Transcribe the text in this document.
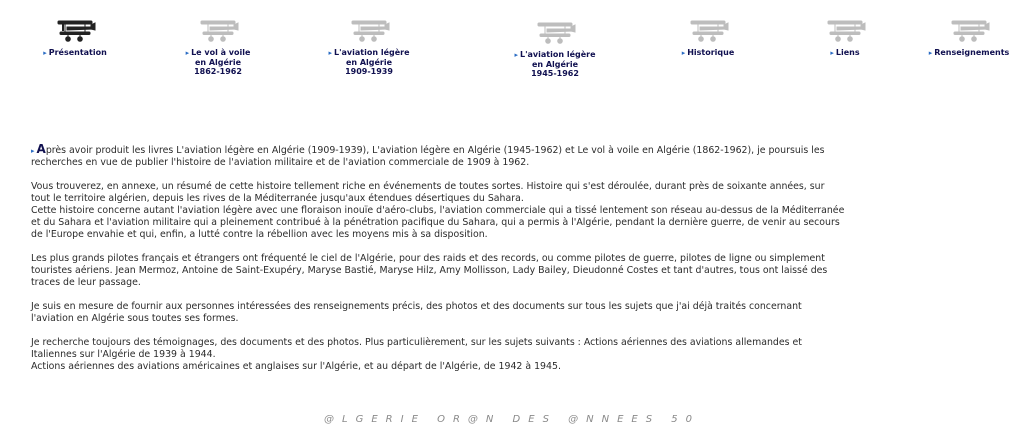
▸ Présentation	▸ Le vol à voile
en Algérie
1862-1962
▸ L'aviation légère
en Algérie
1909-1939
▸ L'aviation légère
en Algérie
1945-1962
▸ Historique	▸ Liens	▸ Renseignements

▸ Après avoir produit les livres L'aviation légère en Algérie (1909-1939), L'aviation légère en Algérie (1945-1962) et Le vol à voile en Algérie (1862-1962), je poursuis les
recherches en vue de publier l'histoire de l'aviation militaire et de l'aviation commerciale de 1909 à 1962.

Vous trouverez, en annexe, un résumé de cette histoire tellement riche en événements de toutes sortes. Histoire qui s'est déroulée, durant près de soixante années, sur
tout le territoire algérien, depuis les rives de la Méditerranée jusqu'aux étendues désertiques du Sahara.
Cette histoire concerne autant l'aviation légère avec une floraison inouïe d'aéro-clubs, l'aviation commerciale qui a tissé lentement son réseau au-dessus de la Méditerranée
et du Sahara et l'aviation militaire qui a pleinement contribué à la pénétration pacifique du Sahara, qui a permis à l'Algérie, pendant la dernière guerre, de venir au secours
de l'Europe envahie et qui, enfin, a lutté contre la rébellion avec les moyens mis à sa disposition.

Les plus grands pilotes français et étrangers ont fréquenté le ciel de l'Algérie, pour des raids et des records, ou comme pilotes de guerre, pilotes de ligne ou simplement
touristes aériens. Jean Mermoz, Antoine de Saint-Exupéry, Maryse Bastié, Maryse Hilz, Amy Mollisson, Lady Bailey, Dieudonné Costes et tant d'autres, tous ont laissé des
traces de leur passage.

Je suis en mesure de fournir aux personnes intéressées des renseignements précis, des photos et des documents sur tous les sujets que j'ai déjà traités concernant
l'aviation en Algérie sous toutes ses formes.

Je recherche toujours des témoignages, des documents et des photos. Plus particulièrement, sur les sujets suivants : Actions aériennes des aviations allemandes et
Italiennes sur l'Algérie de 1939 à 1944.
Actions aériennes des aviations américaines et anglaises sur l'Algérie, et au départ de l'Algérie, de 1942 à 1945.

@LGERIE OR@N DES @NNEES 50
